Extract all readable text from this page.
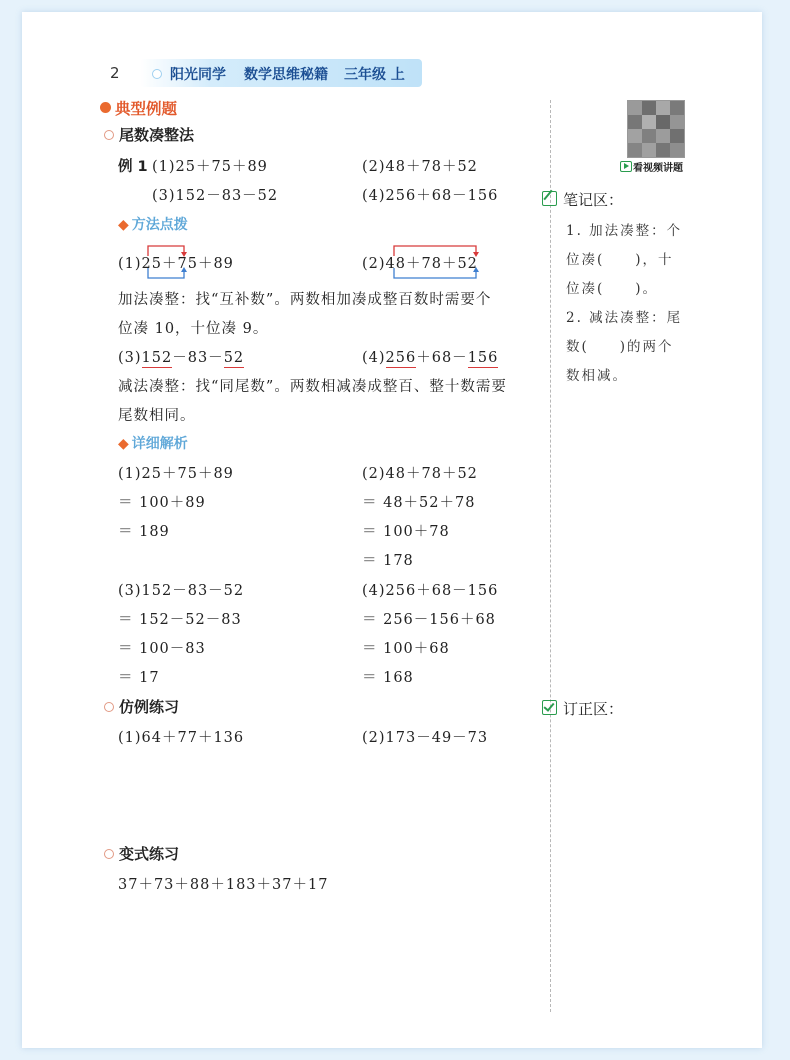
2	阳光同学 数学思维秘籍 三年级 上
典型例题
尾数凑整法
例 1 (1)25＋75＋89	(2)48＋78＋52
(3)152－83－52	(4)256＋68－156
◆ 方法点拨
(1)25＋75＋89	(2)48＋78＋52
加法凑整：找“互补数”。两数相加凑成整百数时需要个
位凑 10，十位凑 9。
(3)152－83－52	(4)256＋68－156
减法凑整：找“同尾数”。两数相减凑成整百、整十数需要
尾数相同。
◆ 详细解析
(1)25＋75＋89
＝ 100＋89
＝ 189
(2)48＋78＋52
＝ 48＋52＋78
＝ 100＋78
＝ 178
(3)152－83－52
＝ 152－52－83
＝ 100－83
＝ 17
(4)256＋68－156
＝ 256－156＋68
＝ 100＋68
＝ 168
仿例练习
(1)64＋77＋136	(2)173－49－73
变式练习
37＋73＋88＋183＋37＋17
看视频讲题
笔记区：
1. 加法凑整：个
位凑(　　)，十
位凑(　　)。
2. 减法凑整：尾
数(　　)的两个
数相减。
订正区：
